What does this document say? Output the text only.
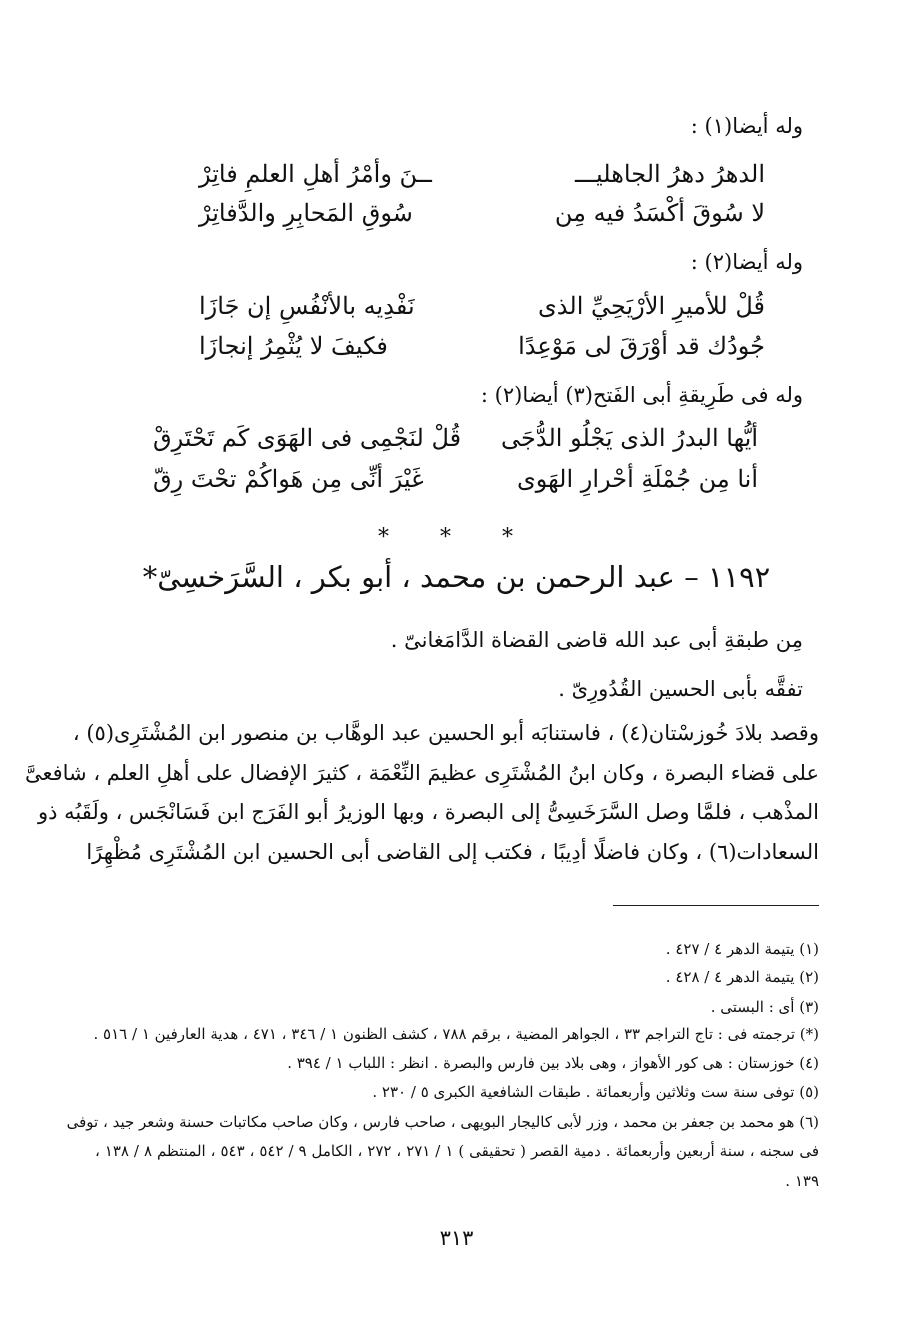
وله أيضا(١) :
الدهرُ دهرُ الجاهليـــ
ــنَ وأمْرُ أهلِ العلمِ فاتِرْ
لا سُوقَ أكْسَدُ فيه مِن
سُوقِ المَحابِرِ والدَّفاتِرْ
وله أيضا(٢) :
قُلْ للأميرِ الأرْيَحِيِّ الذى
نَفْدِيه بالأنْفُسِ إن جَازَا
جُودُك قد أوْرَقَ لى مَوْعِدًا
فكيفَ لا يُثْمِرُ إنجازَا
وله فى طَرِيقةِ أبى الفَتح(٣) أيضا(٢) :
أيُّها البدرُ الذى يَجْلُو الدُّجَى
قُلْ لنَجْمِى فى الهَوَى كَم تَحْتَرِقْ
أنا مِن جُمْلَةِ أحْرارِ الهَوى
غَيْرَ أنِّى مِن هَواكُمْ تحْتَ رِقّ
* * *
١١٩٢ – عبد الرحمن بن محمد ، أبو بكر ، السَّرَخسِىّ*
مِن طبقةِ أبى عبد الله قاضى القضاة الدَّامَغانىّ .
تفقَّه بأبى الحسين القُدُورِىّ .
وقصد بلادَ خُوزسْتان(٤) ، فاستنابَه أبو الحسين عبد الوهَّاب بن منصور ابن المُشْتَرِى(٥) ،
على قضاء البصرة ، وكان ابنُ المُشْتَرِى عظيمَ النِّعْمَة ، كثيرَ الإفضال على أهلِ العلم ، شافعىَّ
المذْهب ، فلمَّا وصل السَّرَخَسِىُّ إلى البصرة ، وبها الوزيرُ أبو الفَرَج ابن فَسَانْجَس ، ولَقَبُه ذو
السعادات(٦) ، وكان فاضلًا أدِيبًا ، فكتب إلى القاضى أبى الحسين ابن المُشْتَرِى مُظْهِرًا
(١) يتيمة الدهر ٤ / ٤٢٧ .
(٢) يتيمة الدهر ٤ / ٤٢٨ .
(٣) أى : البستى .
(*) ترجمته فى : تاج التراجم ٣٣ ، الجواهر المضية ، برقم ٧٨٨ ، كشف الظنون ١ / ٣٤٦ ، ٤٧١ ، هدية العارفين ١ / ٥١٦ .
(٤) خوزستان : هى كور الأهواز ، وهى بلاد بين فارس والبصرة . انظر : اللباب ١ / ٣٩٤ .
(٥) توفى سنة ست وثلاثين وأربعمائة . طبقات الشافعية الكبرى ٥ / ٢٣٠ .
(٦) هو محمد بن جعفر بن محمد ، وزر لأبى كاليجار البويهى ، صاحب فارس ، وكان صاحب مكاتبات حسنة وشعر جيد ، توفى
فى سجنه ، سنة أربعين وأربعمائة . دمية القصر ( تحقيقى ) ١ / ٢٧١ ، ٢٧٢ ، الكامل ٩ / ٥٤٢ ، ٥٤٣ ، المنتظم ٨ / ١٣٨ ،
١٣٩ .
٣١٣
